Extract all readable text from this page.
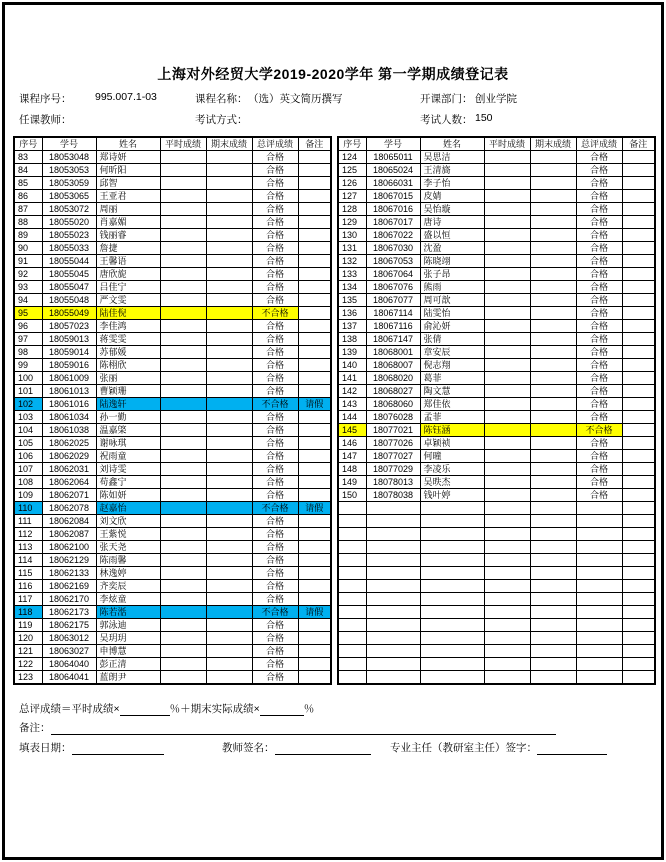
上海对外经贸大学2019-2020学年 第一学期成绩登记表
课程序号： 995.007.1-03	课程名称： （选）英文简历撰写	开课部门： 创业学院
任课教师：	考试方式：	考试人数： 150
序号	学号	姓名	平时成绩	期末成绩	总评成绩	备注
83	18053048	郑诗妍			合格	
84	18053053	何昕阳			合格	
85	18053059	邱智			合格	
86	18053065	王亚君			合格	
87	18053072	周丽			合格	
88	18055020	肖嘉媚			合格	
89	18055023	钱丽睿			合格	
90	18055033	詹捷			合格	
91	18055044	王馨语			合格	
92	18055045	唐欣旎			合格	
93	18055047	吕佳宁			合格	
94	18055048	严文雯			合格	
95	18055049	陆佳倪			不合格	
96	18057023	李佳鸿			合格	
97	18059013	蒋雯雯			合格	
98	18059014	苏郁媛			合格	
99	18059016	陈栩欣			合格	
100	18061009	张丽			合格	
101	18061013	曹颖珊			合格	
102	18061016	陆逸轩			不合格	请假
103	18061034	孙一勤			合格	
104	18061038	温嘉棨			合格	
105	18062025	谢咏琪			合格	
106	18062029	祝雨童			合格	
107	18062031	刘诗雯			合格	
108	18062064	苟鑫宁			合格	
109	18062071	陈如妍			合格	
110	18062078	赵嘉怡			不合格	请假
111	18062084	刘文欣			合格	
112	18062087	王紫悦			合格	
113	18062100	张天尧			合格	
114	18062129	陈雨馨			合格	
115	18062133	林逸婷			合格	
116	18062169	齐奕辰			合格	
117	18062170	李炫童			合格	
118	18062173	陈若湉			不合格	请假
119	18062175	郭泳迪			合格	
120	18063012	吴玥玥			合格	
121	18063027	申博慧			合格	
122	18064040	彭正清			合格	
123	18064041	蓝朗尹			合格	
序号	学号	姓名	平时成绩	期末成绩	总评成绩	备注
124	18065011	吴思洁			合格	
125	18065024	王清旖			合格	
126	18066031	李子怡			合格	
127	18067015	皮婧			合格	
128	18067016	吴怡璇			合格	
129	18067017	唐诗			合格	
130	18067022	盛以恒			合格	
131	18067030	沈盈			合格	
132	18067053	陈晓翊			合格	
133	18067064	张子昂			合格	
134	18067076	熊雨			合格	
135	18067077	周可歆			合格	
136	18067114	陆雯怡			合格	
137	18067116	俞沁妍			合格	
138	18067147	张倩			合格	
139	18068001	章安辰			合格	
140	18068007	倪志翔			合格	
141	18068020	葛菲			合格	
142	18068027	陶文慧			合格	
143	18068060	郑佳依			合格	
144	18076028	孟菲			合格	
145	18077021	陈钰涵			不合格	
146	18077026	卓颖祯			合格	
147	18077027	何曈			合格	
148	18077029	李凌乐			合格	
149	18078013	吴昳杰			合格	
150	18078038	钱叶婷			合格	

总评成绩＝平时成绩×	％＋期末实际成绩×	％
备注：
填表日期：	教师签名：	专业主任（教研室主任）签字：
